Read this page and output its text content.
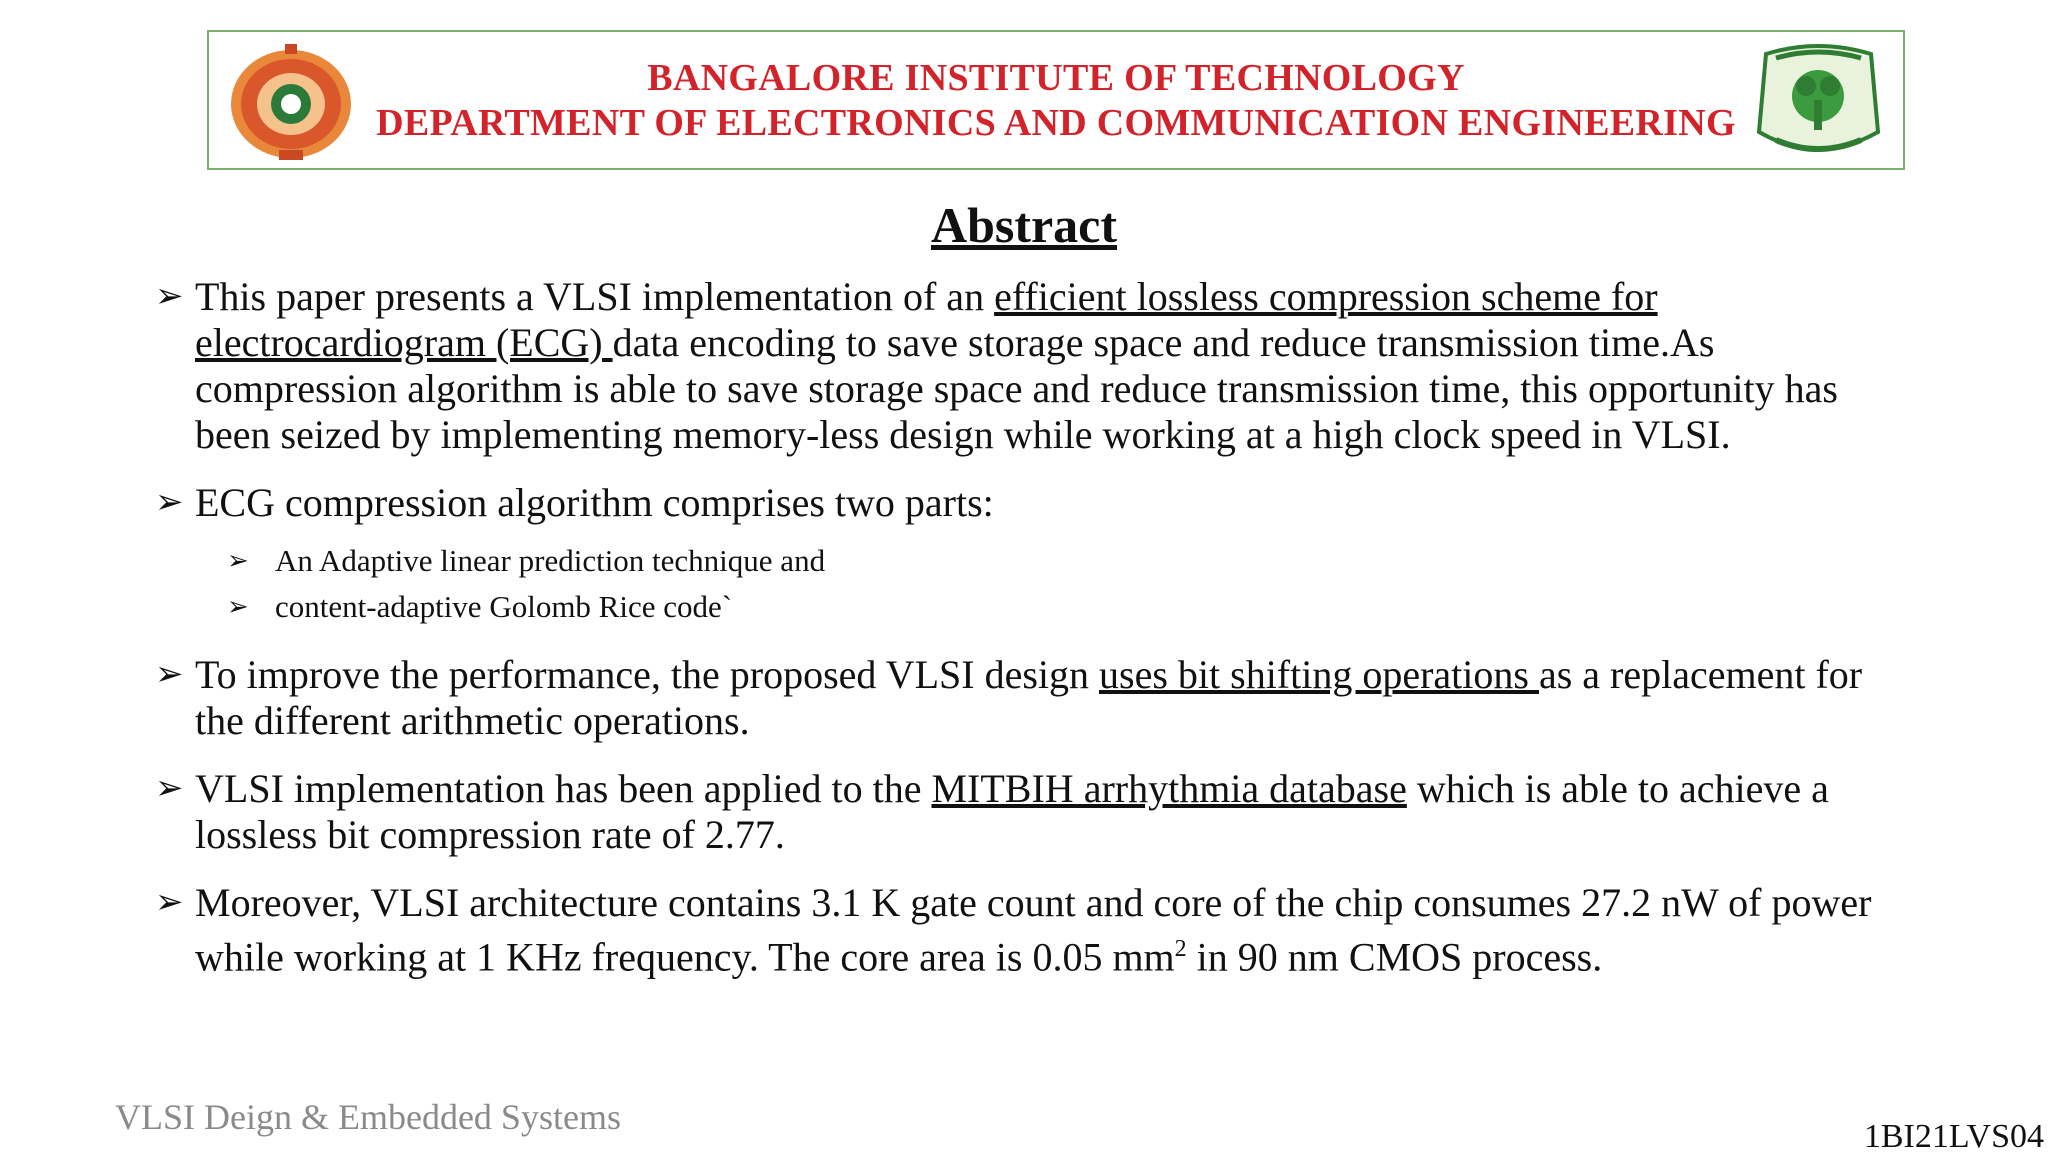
BANGALORE INSTITUTE OF TECHNOLOGY
DEPARTMENT OF ELECTRONICS AND COMMUNICATION ENGINEERING
Abstract
➢ This paper presents a VLSI implementation of an efficient lossless compression scheme for electrocardiogram (ECG) data encoding to save storage space and reduce transmission time.As compression algorithm is able to save storage space and reduce transmission time, this opportunity has been seized by implementing memory-less design while working at a high clock speed in VLSI.
➢ ECG compression algorithm comprises two parts:
➢ An Adaptive linear prediction technique and
➢ content-adaptive Golomb Rice code`
➢ To improve the performance, the proposed VLSI design uses bit shifting operations as a replacement for the different arithmetic operations.
➢ VLSI implementation has been applied to the MITBIH arrhythmia database which is able to achieve a lossless bit compression rate of 2.77.
➢ Moreover, VLSI architecture contains 3.1 K gate count and core of the chip consumes 27.2 nW of power while working at 1 KHz frequency. The core area is 0.05 $mm^2$ in 90 nm CMOS process.
VLSI Deign & Embedded Systems	1BI21LVS04
